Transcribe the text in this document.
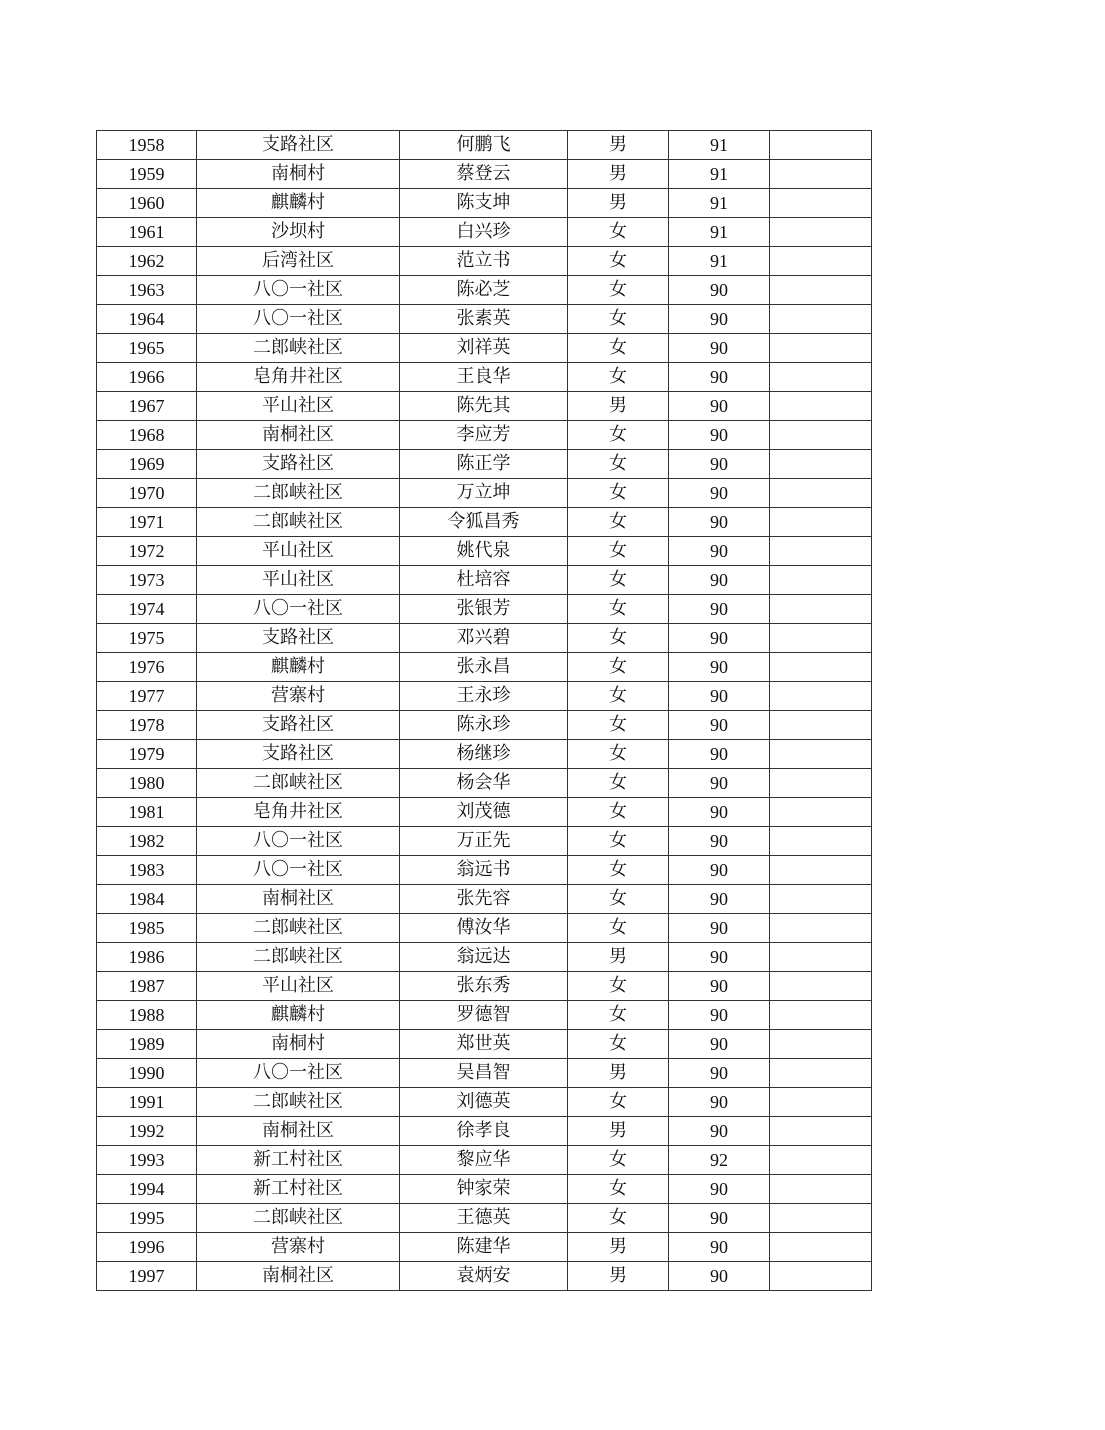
1958	支路社区	何鹏飞	男	91	
1959	南桐村	蔡登云	男	91	
1960	麒麟村	陈支坤	男	91	
1961	沙坝村	白兴珍	女	91	
1962	后湾社区	范立书	女	91	
1963	八〇一社区	陈必芝	女	90	
1964	八〇一社区	张素英	女	90	
1965	二郎峡社区	刘祥英	女	90	
1966	皂角井社区	王良华	女	90	
1967	平山社区	陈先其	男	90	
1968	南桐社区	李应芳	女	90	
1969	支路社区	陈正学	女	90	
1970	二郎峡社区	万立坤	女	90	
1971	二郎峡社区	令狐昌秀	女	90	
1972	平山社区	姚代泉	女	90	
1973	平山社区	杜培容	女	90	
1974	八〇一社区	张银芳	女	90	
1975	支路社区	邓兴碧	女	90	
1976	麒麟村	张永昌	女	90	
1977	营寨村	王永珍	女	90	
1978	支路社区	陈永珍	女	90	
1979	支路社区	杨继珍	女	90	
1980	二郎峡社区	杨会华	女	90	
1981	皂角井社区	刘茂德	女	90	
1982	八〇一社区	万正先	女	90	
1983	八〇一社区	翁远书	女	90	
1984	南桐社区	张先容	女	90	
1985	二郎峡社区	傅汝华	女	90	
1986	二郎峡社区	翁远达	男	90	
1987	平山社区	张东秀	女	90	
1988	麒麟村	罗德智	女	90	
1989	南桐村	郑世英	女	90	
1990	八〇一社区	吴昌智	男	90	
1991	二郎峡社区	刘德英	女	90	
1992	南桐社区	徐孝良	男	90	
1993	新工村社区	黎应华	女	92	
1994	新工村社区	钟家荣	女	90	
1995	二郎峡社区	王德英	女	90	
1996	营寨村	陈建华	男	90	
1997	南桐社区	袁炳安	男	90	
